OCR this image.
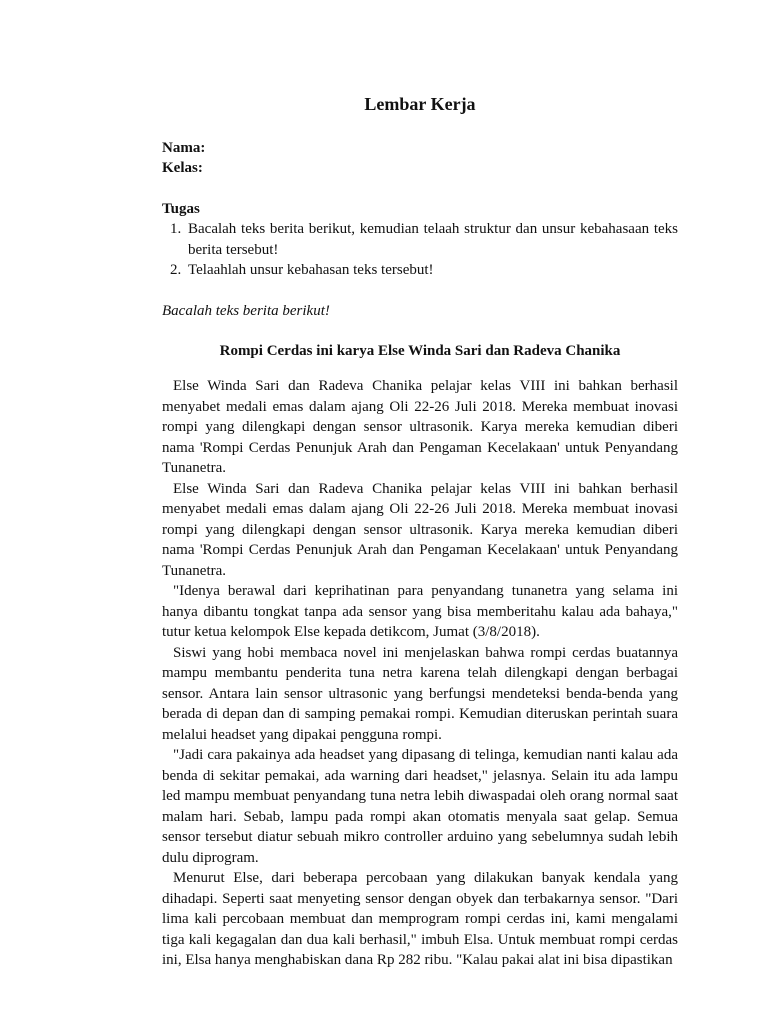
Lembar Kerja

Nama:

Kelas:

Tugas

1. Bacalah teks berita berikut, kemudian telaah struktur dan unsur kebahasaan teks berita tersebut!
2. Telaahlah unsur kebahasan teks tersebut!

Bacalah teks berita berikut!

Rompi Cerdas ini karya Else Winda Sari dan Radeva Chanika

Else Winda Sari dan Radeva Chanika pelajar kelas VIII ini bahkan berhasil menyabet medali emas dalam ajang Oli 22-26 Juli 2018. Mereka membuat inovasi rompi yang dilengkapi dengan sensor ultrasonik. Karya mereka kemudian diberi nama 'Rompi Cerdas Penunjuk Arah dan Pengaman Kecelakaan' untuk Penyandang Tunanetra.

Else Winda Sari dan Radeva Chanika pelajar kelas VIII ini bahkan berhasil menyabet medali emas dalam ajang Oli 22-26 Juli 2018. Mereka membuat inovasi rompi yang dilengkapi dengan sensor ultrasonik. Karya mereka kemudian diberi nama 'Rompi Cerdas Penunjuk Arah dan Pengaman Kecelakaan' untuk Penyandang Tunanetra.

"Idenya berawal dari keprihatinan para penyandang tunanetra yang selama ini hanya dibantu tongkat tanpa ada sensor yang bisa memberitahu kalau ada bahaya," tutur ketua kelompok Else kepada detikcom, Jumat (3/8/2018).

Siswi yang hobi membaca novel ini menjelaskan bahwa rompi cerdas buatannya mampu membantu penderita tuna netra karena telah dilengkapi dengan berbagai sensor. Antara lain sensor ultrasonic yang berfungsi mendeteksi benda-benda yang berada di depan dan di samping pemakai rompi. Kemudian diteruskan perintah suara melalui headset yang dipakai pengguna rompi.

"Jadi cara pakainya ada headset yang dipasang di telinga, kemudian nanti kalau ada benda di sekitar pemakai, ada warning dari headset," jelasnya. Selain itu ada lampu led mampu membuat penyandang tuna netra lebih diwaspadai oleh orang normal saat malam hari. Sebab, lampu pada rompi akan otomatis menyala saat gelap. Semua sensor tersebut diatur sebuah mikro controller arduino yang sebelumnya sudah lebih dulu diprogram.

Menurut Else, dari beberapa percobaan yang dilakukan banyak kendala yang dihadapi. Seperti saat menyeting sensor dengan obyek dan terbakarnya sensor. "Dari lima kali percobaan membuat dan memprogram rompi cerdas ini, kami mengalami tiga kali kegagalan dan dua kali berhasil," imbuh Elsa. Untuk membuat rompi cerdas ini, Elsa hanya menghabiskan dana Rp 282 ribu. "Kalau pakai alat ini bisa dipastikan
